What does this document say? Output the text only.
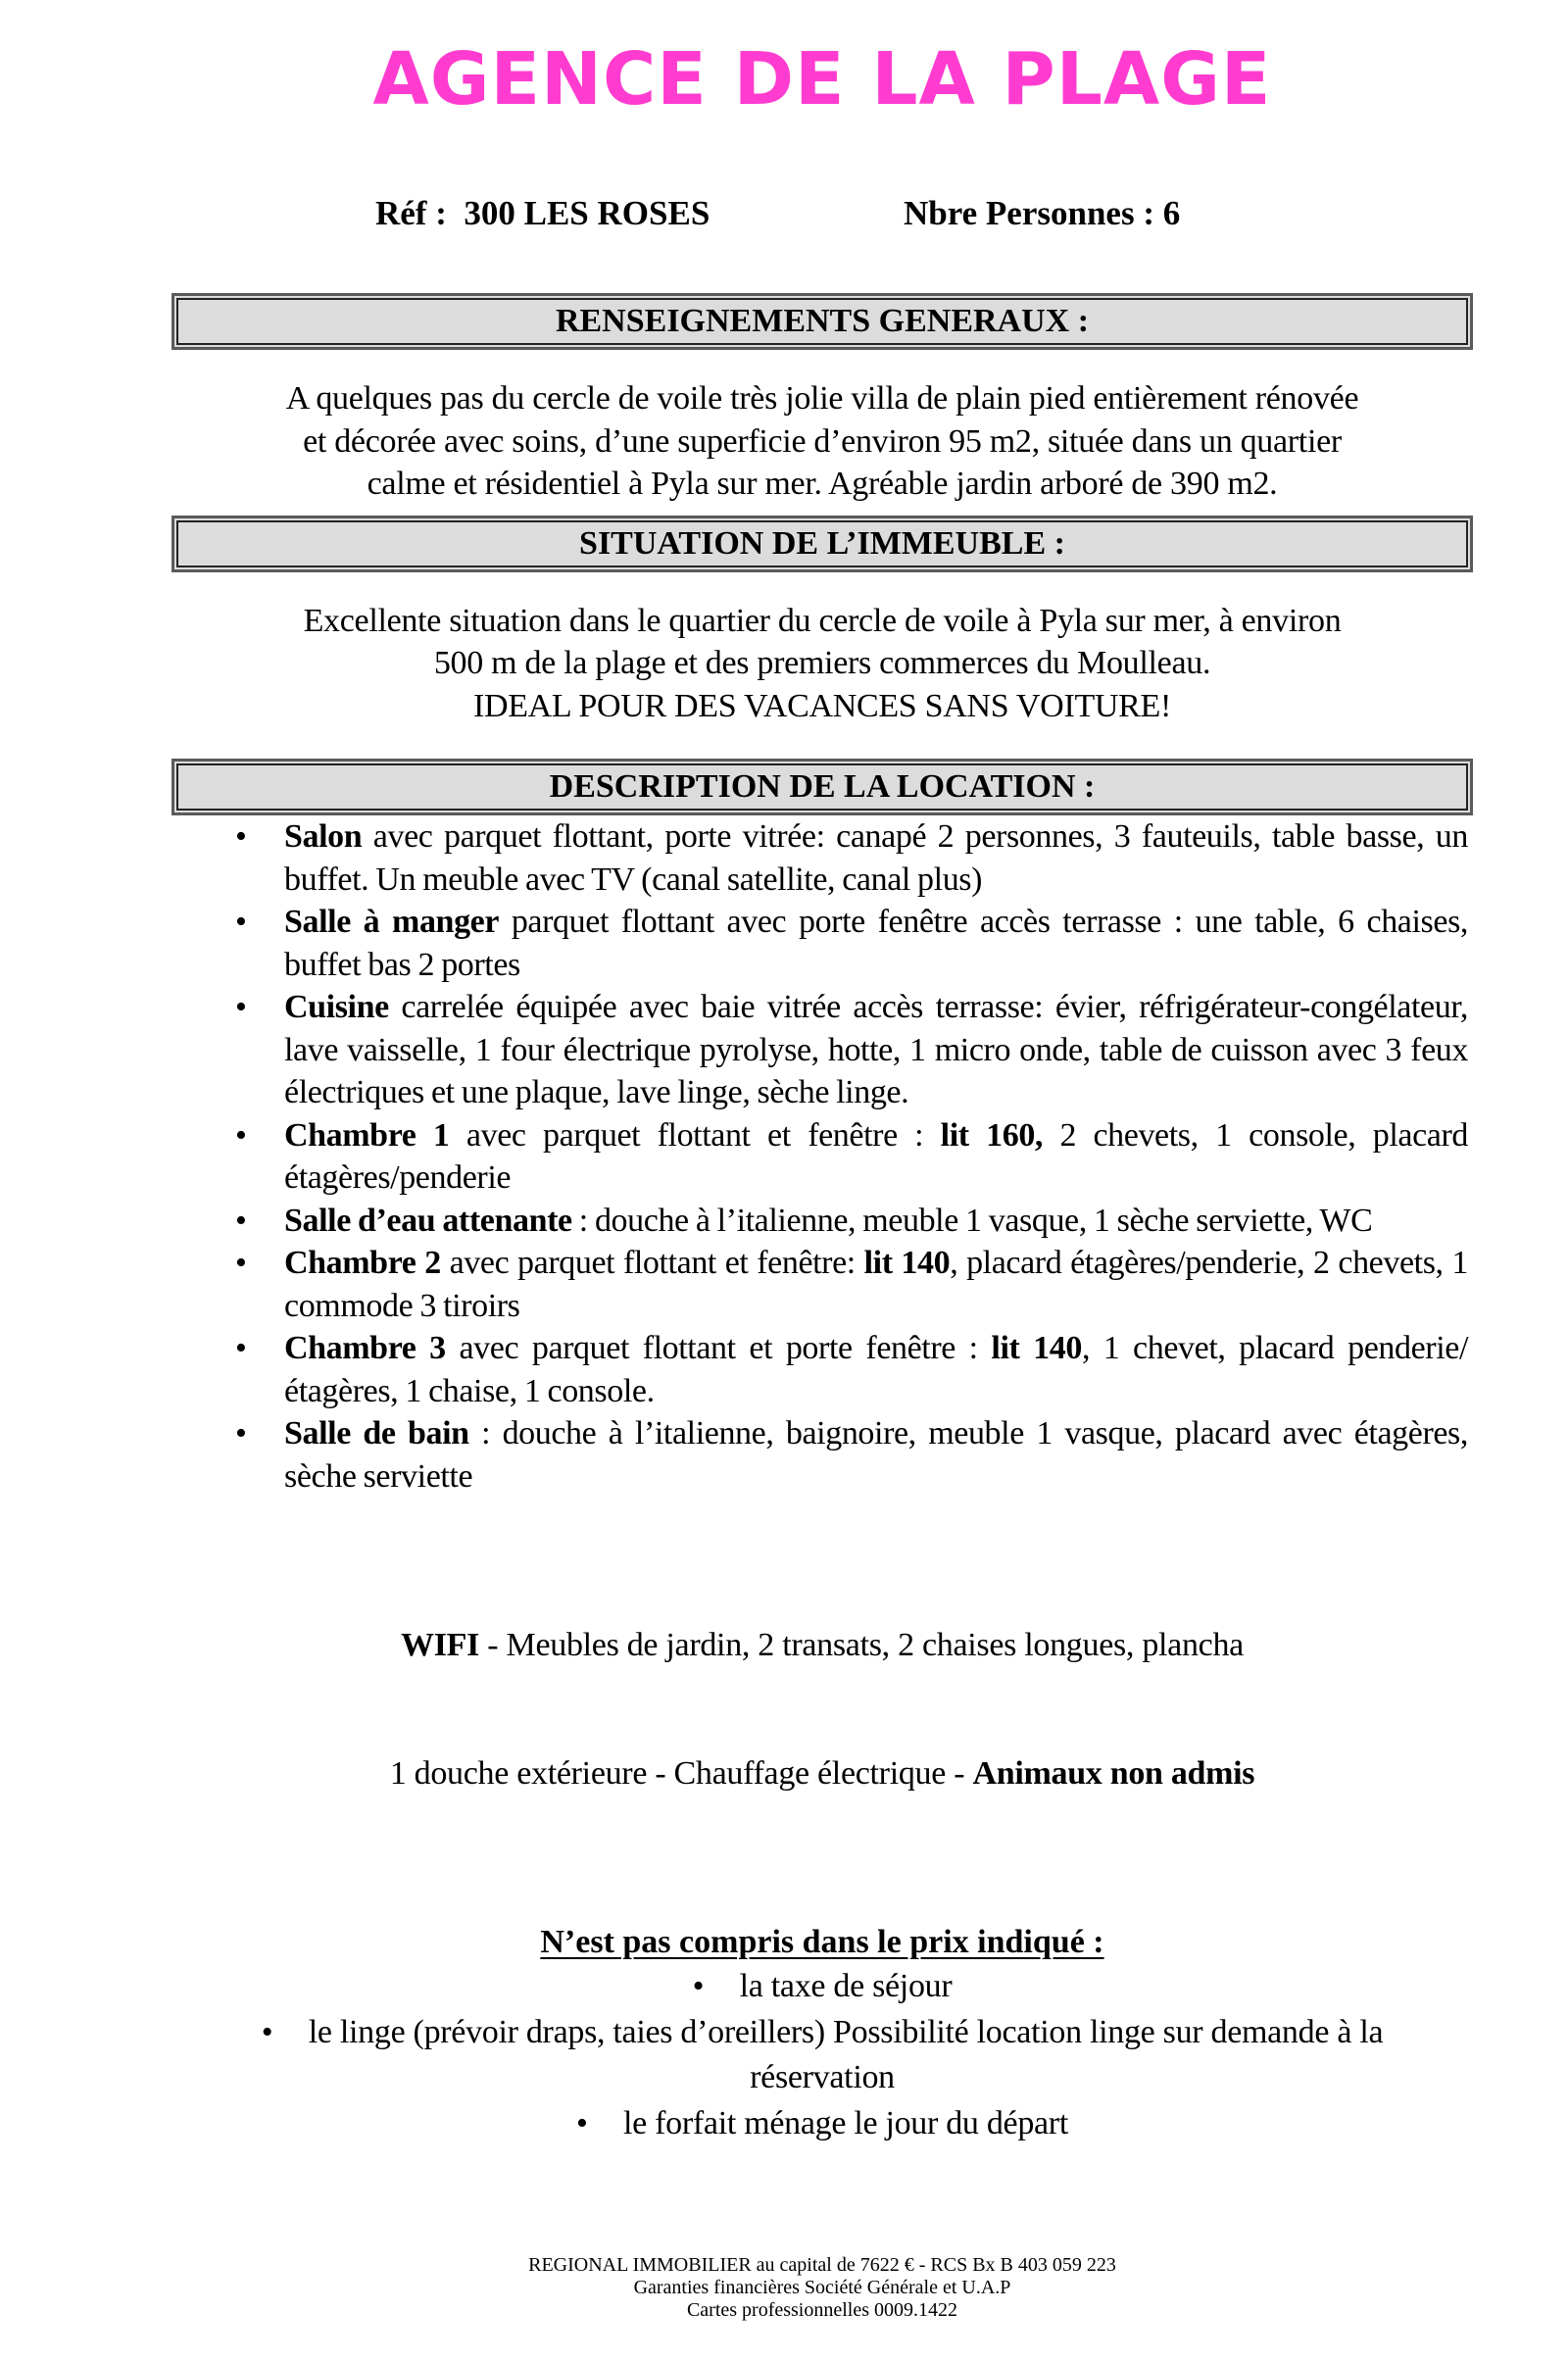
AGENCE DE LA PLAGE
Réf :  300 LES ROSES	Nbre Personnes : 6
RENSEIGNEMENTS GENERAUX :
A quelques pas du cercle de voile très jolie villa de plain pied entièrement rénovée
et décorée avec soins, d’une superficie d’environ 95 m2, située dans un quartier
calme et résidentiel à Pyla sur mer. Agréable jardin arboré de 390 m2.
SITUATION DE L’IMMEUBLE :
Excellente situation dans le quartier du cercle de voile à Pyla sur mer, à environ
500 m de la plage et des premiers commerces du Moulleau.
IDEAL POUR DES VACANCES SANS VOITURE!
DESCRIPTION DE LA LOCATION :
•	Salon avec parquet flottant, porte vitrée: canapé 2 personnes, 3 fauteuils, table basse, un buffet. Un meuble avec TV (canal satellite, canal plus)
•	Salle à manger parquet flottant avec porte fenêtre accès terrasse : une table, 6 chaises, buffet bas 2 portes
•	Cuisine carrelée équipée avec baie vitrée accès terrasse: évier, réfrigérateur-congélateur, lave vaisselle, 1 four électrique pyrolyse, hotte, 1 micro onde, table de cuisson avec 3 feux électriques et une plaque, lave linge, sèche linge.
•	Chambre 1 avec parquet flottant et fenêtre : lit 160, 2 chevets, 1 console, placard étagères/penderie
•	Salle d’eau attenante : douche à l’italienne, meuble 1 vasque, 1 sèche serviette, WC
•	Chambre 2 avec parquet flottant et fenêtre: lit 140, placard étagères/penderie, 2 chevets, 1 commode 3 tiroirs
•	Chambre 3 avec parquet flottant et porte fenêtre : lit 140, 1 chevet, placard penderie/étagères, 1 chaise, 1 console.
•	Salle de bain : douche à l’italienne, baignoire, meuble 1 vasque, placard avec étagères, sèche serviette

WIFI - Meubles de jardin, 2 transats, 2 chaises longues, plancha

1 douche extérieure - Chauffage électrique - Animaux non admis

N’est pas compris dans le prix indiqué :
• la taxe de séjour
• le linge (prévoir draps, taies d’oreillers) Possibilité location linge sur demande à la
réservation
• le forfait ménage le jour du départ
REGIONAL IMMOBILIER au capital de 7622 € - RCS Bx B 403 059 223
Garanties financières Société Générale et U.A.P
Cartes professionnelles 0009.1422
